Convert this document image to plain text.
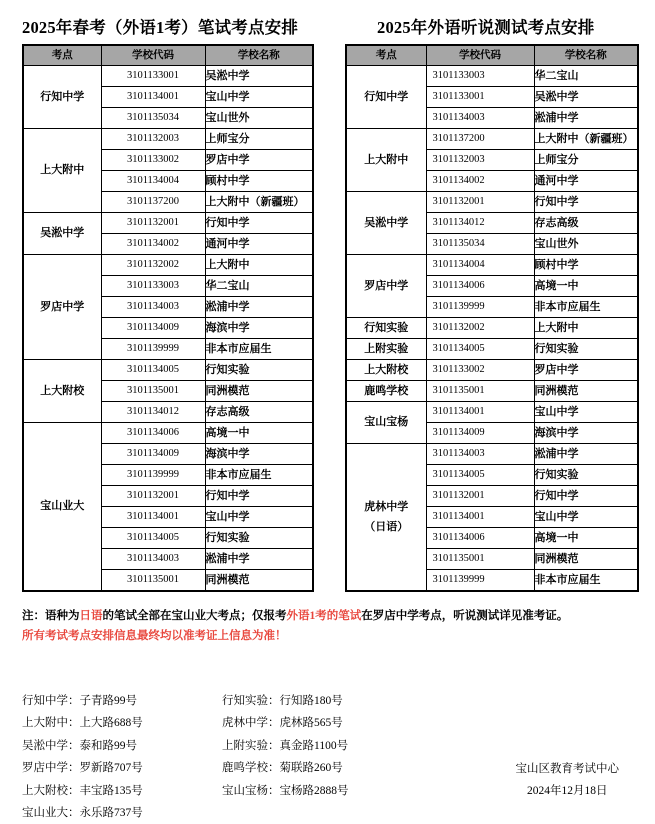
2025年春考（外语1考）笔试考点安排
考点	学校代码	学校名称
行知中学	3101133001	吴淞中学
	3101134001	宝山中学
	3101135034	宝山世外
上大附中	3101132003	上师宝分
	3101133002	罗店中学
	3101134004	顾村中学
	3101137200	上大附中（新疆班）
吴淞中学	3101132001	行知中学
	3101134002	通河中学
罗店中学	3101132002	上大附中
	3101133003	华二宝山
	3101134003	淞浦中学
	3101134009	海滨中学
	3101139999	非本市应届生
上大附校	3101134005	行知实验
	3101135001	同洲模范
	3101134012	存志高级
宝山业大	3101134006	高境一中
	3101134009	海滨中学
	3101139999	非本市应届生
	3101132001	行知中学
	3101134001	宝山中学
	3101134005	行知实验
	3101134003	淞浦中学
	3101135001	同洲模范
2025年外语听说测试考点安排
考点	学校代码	学校名称
行知中学	3101133003	华二宝山
	3101133001	吴淞中学
	3101134003	淞浦中学
上大附中	3101137200	上大附中（新疆班）
	3101132003	上师宝分
	3101134002	通河中学
吴淞中学	3101132001	行知中学
	3101134012	存志高级
	3101135034	宝山世外
罗店中学	3101134004	顾村中学
	3101134006	高境一中
	3101139999	非本市应届生
行知实验	3101132002	上大附中
上附实验	3101134005	行知实验
上大附校	3101133002	罗店中学
鹿鸣学校	3101135001	同洲模范
宝山宝杨	3101134001	宝山中学
	3101134009	海滨中学
虎林中学
（日语）	3101134003	淞浦中学
	3101134005	行知实验
	3101132001	行知中学
	3101134001	宝山中学
	3101134006	高境一中
	3101135001	同洲模范
	3101139999	非本市应届生
注：语种为日语的笔试全部在宝山业大考点；仅报考外语1考的笔试在罗店中学考点，听说测试详见准考证。
所有考试考点安排信息最终均以准考证上信息为准！
行知中学：子青路99号
上大附中：上大路688号
吴淞中学：泰和路99号
罗店中学：罗新路707号
上大附校：丰宝路135号
宝山业大：永乐路737号
行知实验：行知路180号
虎林中学：虎林路565号
上附实验：真金路1100号
鹿鸣学校：菊联路260号
宝山宝杨：宝杨路2888号
宝山区教育考试中心
2024年12月18日
